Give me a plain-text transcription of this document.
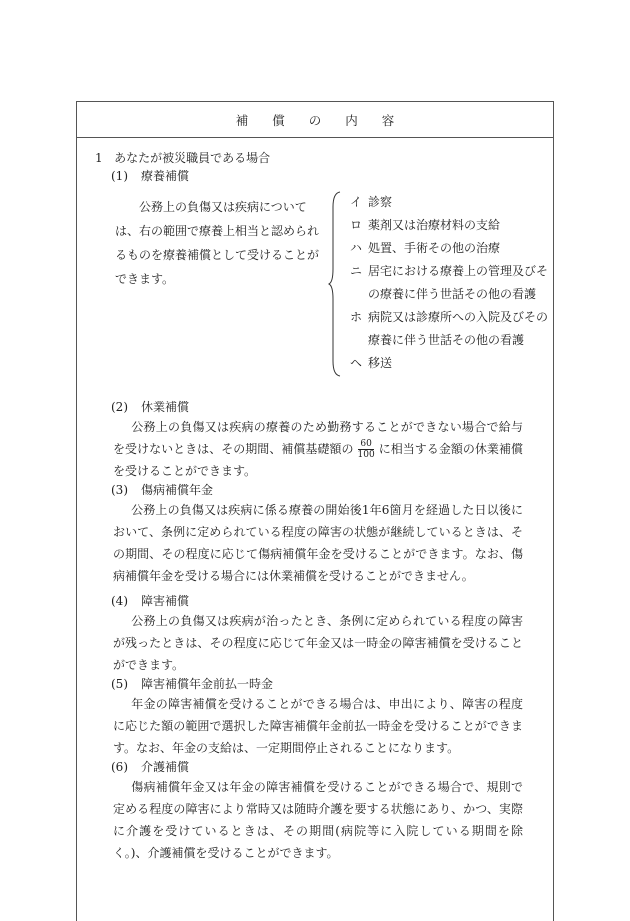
補償の内容
1 あなたが被災職員である場合
(1) 療養補償
公務上の負傷又は疾病については、右の範囲で療養上相当と認められるものを療養補償として受けることができます。
イ 診察
ロ 薬剤又は治療材料の支給
ハ 処置、手術その他の治療
ニ 居宅における療養上の管理及びその療養に伴う世話その他の看護
ホ 病院又は診療所への入院及びその療養に伴う世話その他の看護
ヘ 移送
(2) 休業補償
公務上の負傷又は疾病の療養のため勤務することができない場合で給与を受けないときは、その期間、補償基礎額の $\frac{60}{100}$ に相当する金額の休業補償を受けることができます。
(3) 傷病補償年金
公務上の負傷又は疾病に係る療養の開始後1年6箇月を経過した日以後において、条例に定められている程度の障害の状態が継続しているときは、その期間、その程度に応じて傷病補償年金を受けることができます。なお、傷病補償年金を受ける場合には休業補償を受けることができません。
(4) 障害補償
公務上の負傷又は疾病が治ったとき、条例に定められている程度の障害が残ったときは、その程度に応じて年金又は一時金の障害補償を受けることができます。
(5) 障害補償年金前払一時金
年金の障害補償を受けることができる場合は、申出により、障害の程度に応じた額の範囲で選択した障害補償年金前払一時金を受けることができます。なお、年金の支給は、一定期間停止されることになります。
(6) 介護補償
傷病補償年金又は年金の障害補償を受けることができる場合で、規則で定める程度の障害により常時又は随時介護を要する状態にあり、かつ、実際に介護を受けているときは、その期間(病院等に入院している期間を除く。)、介護補償を受けることができます。
